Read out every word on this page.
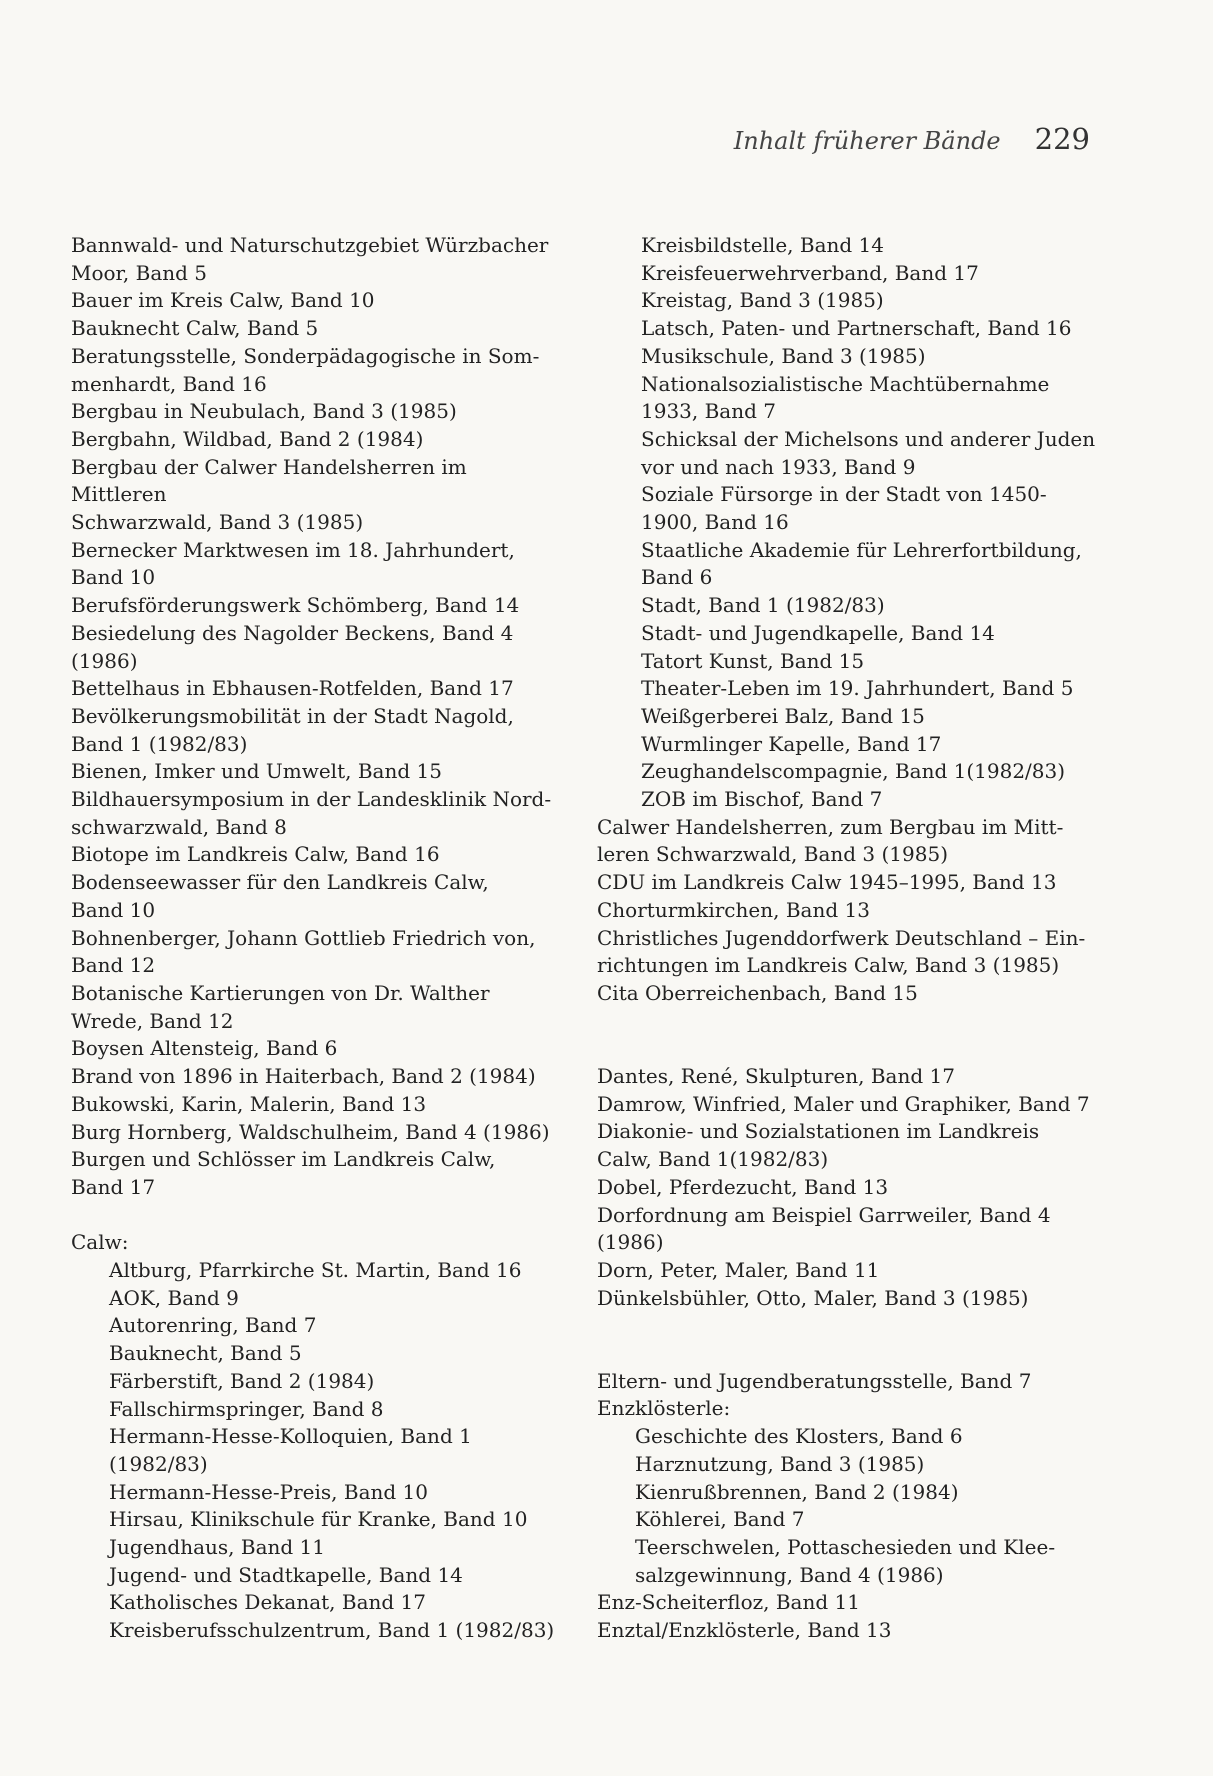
Inhalt früherer Bände 229
Bannwald- und Naturschutzgebiet Würzbacher
Moor, Band 5
Bauer im Kreis Calw, Band 10
Bauknecht Calw, Band 5
Beratungsstelle, Sonderpädagogische in Som-
menhardt, Band 16
Bergbau in Neubulach, Band 3 (1985)
Bergbahn, Wildbad, Band 2 (1984)
Bergbau der Calwer Handelsherren im Mittleren
Schwarzwald, Band 3 (1985)
Bernecker Marktwesen im 18. Jahrhundert,
Band 10
Berufsförderungswerk Schömberg, Band 14
Besiedelung des Nagolder Beckens, Band 4
(1986)
Bettelhaus in Ebhausen-Rotfelden, Band 17
Bevölkerungsmobilität in der Stadt Nagold,
Band 1 (1982/83)
Bienen, Imker und Umwelt, Band 15
Bildhauersymposium in der Landesklinik Nord-
schwarzwald, Band 8
Biotope im Landkreis Calw, Band 16
Bodenseewasser für den Landkreis Calw,
Band 10
Bohnenberger, Johann Gottlieb Friedrich von,
Band 12
Botanische Kartierungen von Dr. Walther
Wrede, Band 12
Boysen Altensteig, Band 6
Brand von 1896 in Haiterbach, Band 2 (1984)
Bukowski, Karin, Malerin, Band 13
Burg Hornberg, Waldschulheim, Band 4 (1986)
Burgen und Schlösser im Landkreis Calw,
Band 17
Calw:
Altburg, Pfarrkirche St. Martin, Band 16
AOK, Band 9
Autorenring, Band 7
Bauknecht, Band 5
Färberstift, Band 2 (1984)
Fallschirmspringer, Band 8
Hermann-Hesse-Kolloquien, Band 1
(1982/83)
Hermann-Hesse-Preis, Band 10
Hirsau, Klinikschule für Kranke, Band 10
Jugendhaus, Band 11
Jugend- und Stadtkapelle, Band 14
Katholisches Dekanat, Band 17
Kreisberufsschulzentrum, Band 1 (1982/83)
Kreisbildstelle, Band 14
Kreisfeuerwehrverband, Band 17
Kreistag, Band 3 (1985)
Latsch, Paten- und Partnerschaft, Band 16
Musikschule, Band 3 (1985)
Nationalsozialistische Machtübernahme
1933, Band 7
Schicksal der Michelsons und anderer Juden
vor und nach 1933, Band 9
Soziale Fürsorge in der Stadt von 1450-
1900, Band 16
Staatliche Akademie für Lehrerfortbildung,
Band 6
Stadt, Band 1 (1982/83)
Stadt- und Jugendkapelle, Band 14
Tatort Kunst, Band 15
Theater-Leben im 19. Jahrhundert, Band 5
Weißgerberei Balz, Band 15
Wurmlinger Kapelle, Band 17
Zeughandelscompagnie, Band 1(1982/83)
ZOB im Bischof, Band 7
Calwer Handelsherren, zum Bergbau im Mitt-
leren Schwarzwald, Band 3 (1985)
CDU im Landkreis Calw 1945–1995, Band 13
Chorturmkirchen, Band 13
Christliches Jugenddorfwerk Deutschland – Ein-
richtungen im Landkreis Calw, Band 3 (1985)
Cita Oberreichenbach, Band 15
Dantes, René, Skulpturen, Band 17
Damrow, Winfried, Maler und Graphiker, Band 7
Diakonie- und Sozialstationen im Landkreis
Calw, Band 1(1982/83)
Dobel, Pferdezucht, Band 13
Dorfordnung am Beispiel Garrweiler, Band 4
(1986)
Dorn, Peter, Maler, Band 11
Dünkelsbühler, Otto, Maler, Band 3 (1985)
Eltern- und Jugendberatungsstelle, Band 7
Enzklösterle:
Geschichte des Klosters, Band 6
Harznutzung, Band 3 (1985)
Kienrußbrennen, Band 2 (1984)
Köhlerei, Band 7
Teerschwelen, Pottaschesieden und Klee-
salzgewinnung, Band 4 (1986)
Enz-Scheiterfloz, Band 11
Enztal/Enzklösterle, Band 13
